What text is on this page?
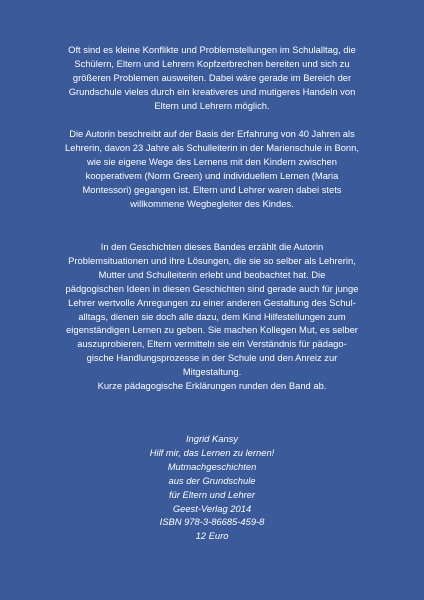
Oft sind es kleine Konflikte und Problemstellungen im Schulalltag, die
Schülern, Eltern und Lehrern Kopfzerbrechen bereiten und sich zu
größeren Problemen ausweiten. Dabei wäre gerade im Bereich der
Grundschule vieles durch ein kreativeres und mutigeres Handeln von
Eltern und Lehrern möglich.

Die Autorin beschreibt auf der Basis der Erfahrung von 40 Jahren als
Lehrerin, davon 23 Jahre als Schulleiterin in der Marienschule in Bonn,
wie sie eigene Wege des Lernens mit den Kindern zwischen
kooperativem (Norm Green) und individuellem Lernen (Maria
Montessori) gegangen ist. Eltern und Lehrer waren dabei stets
willkommene Wegbegleiter des Kindes.

In den Geschichten dieses Bandes erzählt die Autorin
Problemsituationen und ihre Lösungen, die sie so selber als Lehrerin,
Mutter und Schulleiterin erlebt und beobachtet hat. Die
pädgogischen Ideen in diesen Geschichten sind gerade auch für junge
Lehrer wertvolle Anregungen zu einer anderen Gestaltung des Schul-
alltags, dienen sie doch alle dazu, dem Kind Hilfestellungen zum
eigenständigen Lernen zu geben. Sie machen Kollegen Mut, es selber
auszuprobieren, Eltern vermitteln sie ein Verständnis für pädago-
gische Handlungsprozesse in der Schule und den Anreiz zur
Mitgestaltung.
Kurze pädagogische Erklärungen runden den Band ab.

Ingrid Kansy
Hilf mir, das Lernen zu lernen!
Mutmachgeschichten
aus der Grundschule
für Eltern und Lehrer
Geest-Verlag 2014
ISBN 978-3-86685-459-8
12 Euro
